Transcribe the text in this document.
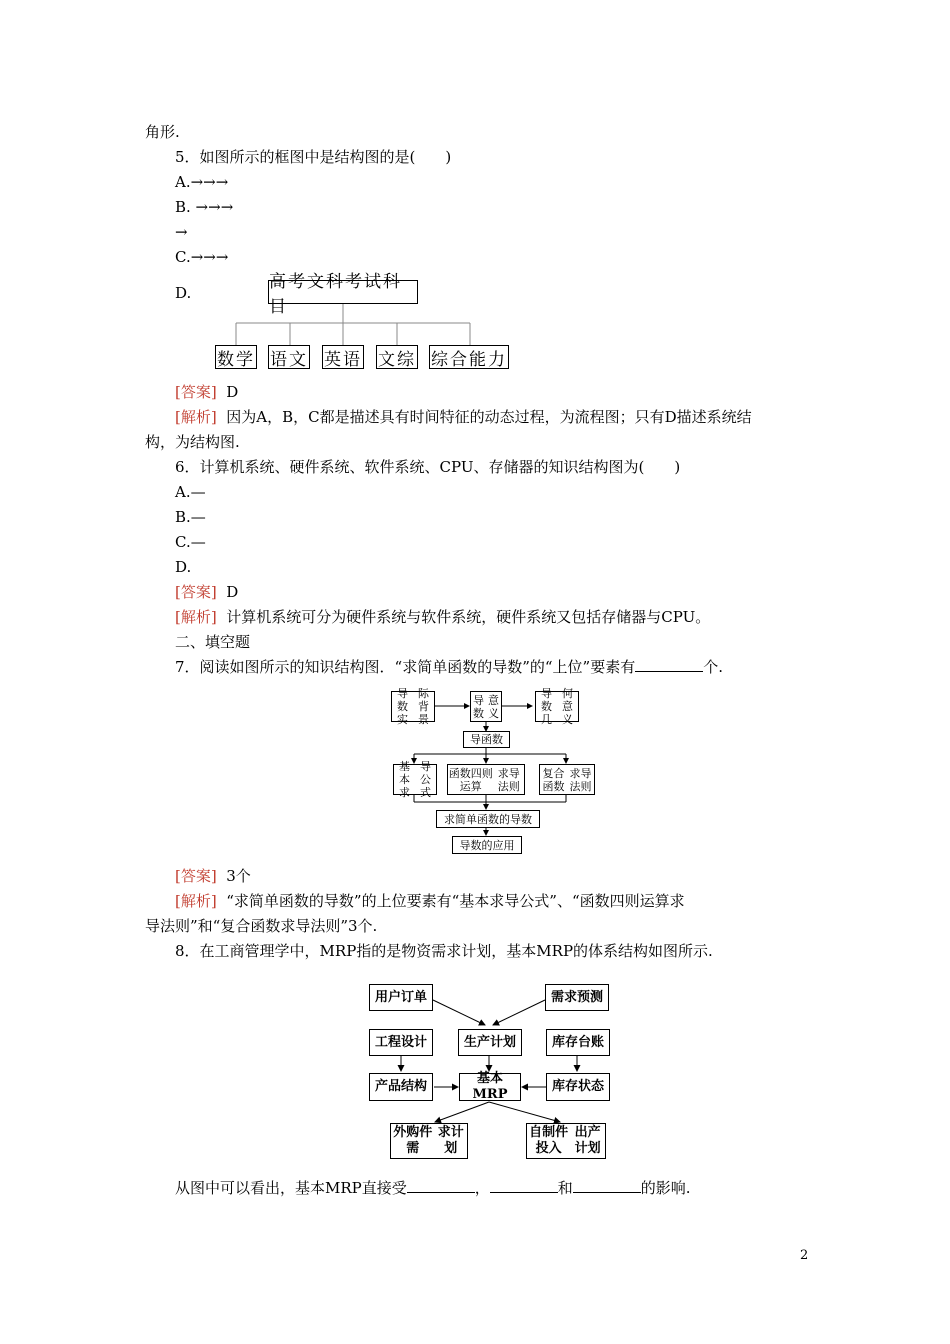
角形.
5．如图所示的框图中是结构图的是(　　)
A.→→→
B. →→→
→
C.→→→
D.
高考文科考试科目
数学 语文 英语 文综 综合能力
[答案] D
[解析] 因为A，B，C都是描述具有时间特征的动态过程，为流程图；只有D描述系统结
构，为结构图.
6．计算机系统、硬件系统、软件系统、CPU、存储器的知识结构图为(　　)
A.—
B.—
C.—
D.
[答案] D
[解析] 计算机系统可分为硬件系统与软件系统，硬件系统又包括存储器与CPU。
二、填空题
7．阅读如图所示的知识结构图．“求简单函数的导数”的“上位”要素有	个.
导数实

际背景
导数

意义
导数几

何意义
导函数
基本求

导公式
函数四则运算

求导法则
复合函数

求导法则
求简单函数的导数
导数的应用
[答案] 3个
[解析] “求简单函数的导数”的上位要素有“基本求导公式”、“函数四则运算求
导法则”和“复合函数求导法则”3个.
8．在工商管理学中，MRP指的是物资需求计划，基本MRP的体系结构如图所示.
用户订单	需求预测
工程设计	生产计划	库存台账
产品结构
基本MRP
库存状态
外购件需

求计划
自制件投入

出产计划
从图中可以看出，基本MRP直接受	，	和	的影响.
2
